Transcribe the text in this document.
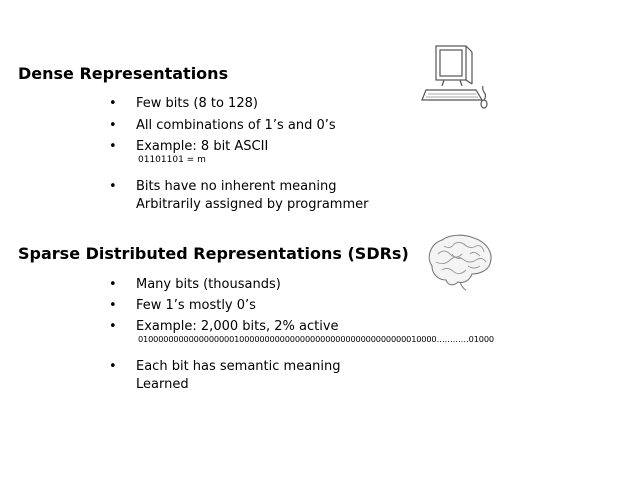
Dense Representations
• Few bits (8 to 128)
• All combinations of 1’s and 0’s
• Example: 8 bit ASCII
01101101 = m
• Bits have no inherent meaning
Arbitrarily assigned by programmer
Sparse Distributed Representations (SDRs)
• Many bits (thousands)
• Few 1’s mostly 0’s
• Example: 2,000 bits, 2% active
01000000000000000001000000000000000000000000000000000010000…………01000
• Each bit has semantic meaning
Learned
